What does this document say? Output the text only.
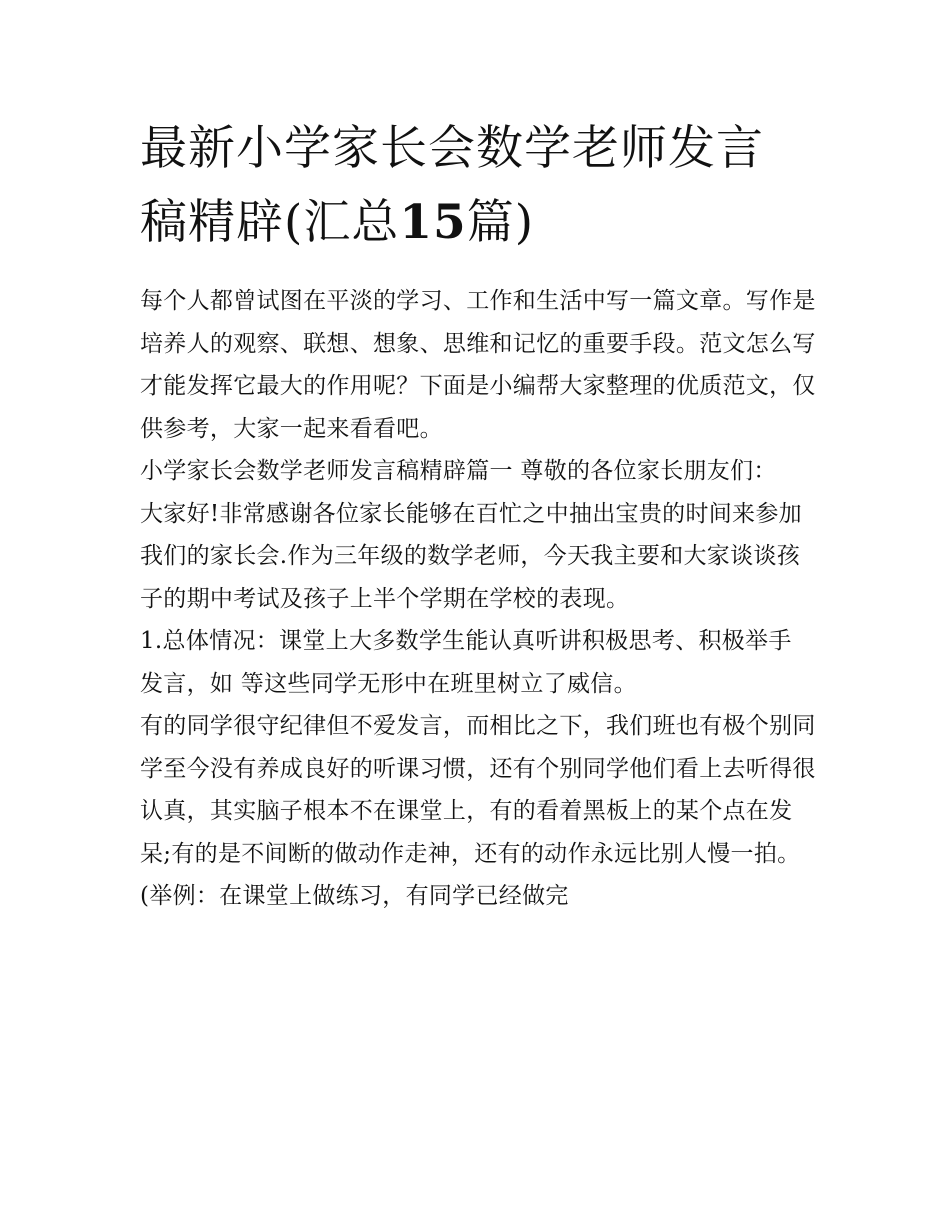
最新小学家长会数学老师发言
稿精辟(汇总15篇)

每个人都曾试图在平淡的学习、工作和生活中写一篇文章。写作是培养人的观察、联想、想象、思维和记忆的重要手段。范文怎么写才能发挥它最大的作用呢？下面是小编帮大家整理的优质范文，仅供参考，大家一起来看看吧。

小学家长会数学老师发言稿精辟篇一 尊敬的各位家长朋友们：

大家好!非常感谢各位家长能够在百忙之中抽出宝贵的时间来参加我们的家长会.作为三年级的数学老师，今天我主要和大家谈谈孩子的期中考试及孩子上半个学期在学校的表现。

1.总体情况：课堂上大多数学生能认真听讲积极思考、积极举手发言，如 等这些同学无形中在班里树立了威信。

有的同学很守纪律但不爱发言，而相比之下，我们班也有极个别同学至今没有养成良好的听课习惯，还有个别同学他们看上去听得很认真，其实脑子根本不在课堂上，有的看着黑板上的某个点在发呆;有的是不间断的做动作走神，还有的动作永远比别人慢一拍。(举例：在课堂上做练习，有同学已经做完
